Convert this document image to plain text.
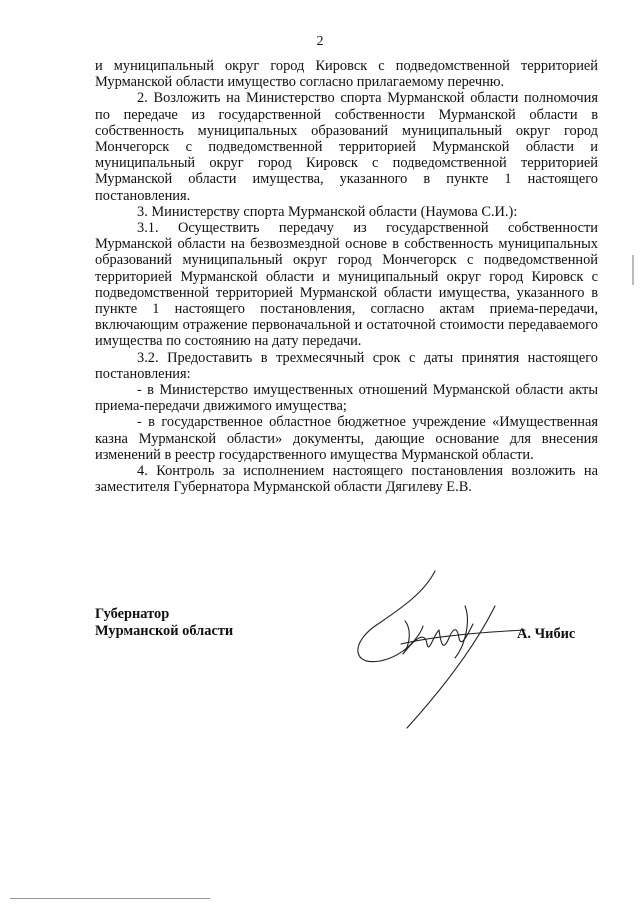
2

и муниципальный округ город Кировск с подведомственной территорией Мурманской области имущество согласно прилагаемому перечню.

2. Возложить на Министерство спорта Мурманской области полномочия по передаче из государственной собственности Мурманской области в собственность муниципальных образований муниципальный округ город Мончегорск с подведомственной территорией Мурманской области и муниципальный округ город Кировск с подведомственной территорией Мурманской области имущества, указанного в пункте 1 настоящего постановления.

3. Министерству спорта Мурманской области (Наумова С.И.):

3.1. Осуществить передачу из государственной собственности Мурманской области на безвозмездной основе в собственность муниципальных образований муниципальный округ город Мончегорск с подведомственной территорией Мурманской области и муниципальный округ город Кировск с подведомственной территорией Мурманской области имущества, указанного в пункте 1 настоящего постановления, согласно актам приема-передачи, включающим отражение первоначальной и остаточной стоимости передаваемого имущества по состоянию на дату передачи.

3.2. Предоставить в трехмесячный срок с даты принятия настоящего постановления:

- в Министерство имущественных отношений Мурманской области акты приема-передачи движимого имущества;

- в государственное областное бюджетное учреждение «Имущественная казна Мурманской области» документы, дающие основание для внесения изменений в реестр государственного имущества Мурманской области.

4. Контроль за исполнением настоящего постановления возложить на заместителя Губернатора Мурманской области Дягилеву Е.В.

Губернатор
Мурманской области	А. Чибис
